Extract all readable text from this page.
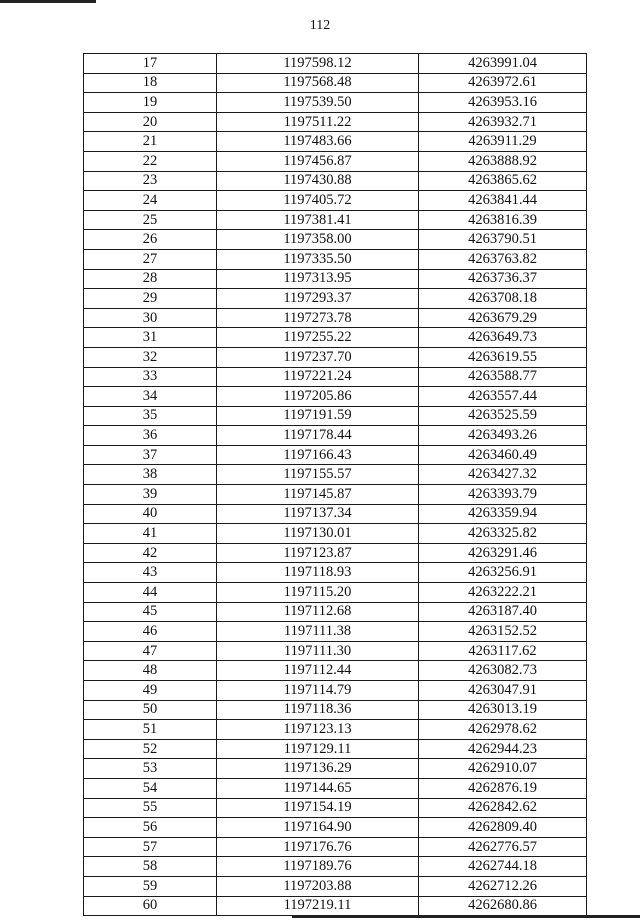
112
17	1197598.12	4263991.04
18	1197568.48	4263972.61
19	1197539.50	4263953.16
20	1197511.22	4263932.71
21	1197483.66	4263911.29
22	1197456.87	4263888.92
23	1197430.88	4263865.62
24	1197405.72	4263841.44
25	1197381.41	4263816.39
26	1197358.00	4263790.51
27	1197335.50	4263763.82
28	1197313.95	4263736.37
29	1197293.37	4263708.18
30	1197273.78	4263679.29
31	1197255.22	4263649.73
32	1197237.70	4263619.55
33	1197221.24	4263588.77
34	1197205.86	4263557.44
35	1197191.59	4263525.59
36	1197178.44	4263493.26
37	1197166.43	4263460.49
38	1197155.57	4263427.32
39	1197145.87	4263393.79
40	1197137.34	4263359.94
41	1197130.01	4263325.82
42	1197123.87	4263291.46
43	1197118.93	4263256.91
44	1197115.20	4263222.21
45	1197112.68	4263187.40
46	1197111.38	4263152.52
47	1197111.30	4263117.62
48	1197112.44	4263082.73
49	1197114.79	4263047.91
50	1197118.36	4263013.19
51	1197123.13	4262978.62
52	1197129.11	4262944.23
53	1197136.29	4262910.07
54	1197144.65	4262876.19
55	1197154.19	4262842.62
56	1197164.90	4262809.40
57	1197176.76	4262776.57
58	1197189.76	4262744.18
59	1197203.88	4262712.26
60	1197219.11	4262680.86
